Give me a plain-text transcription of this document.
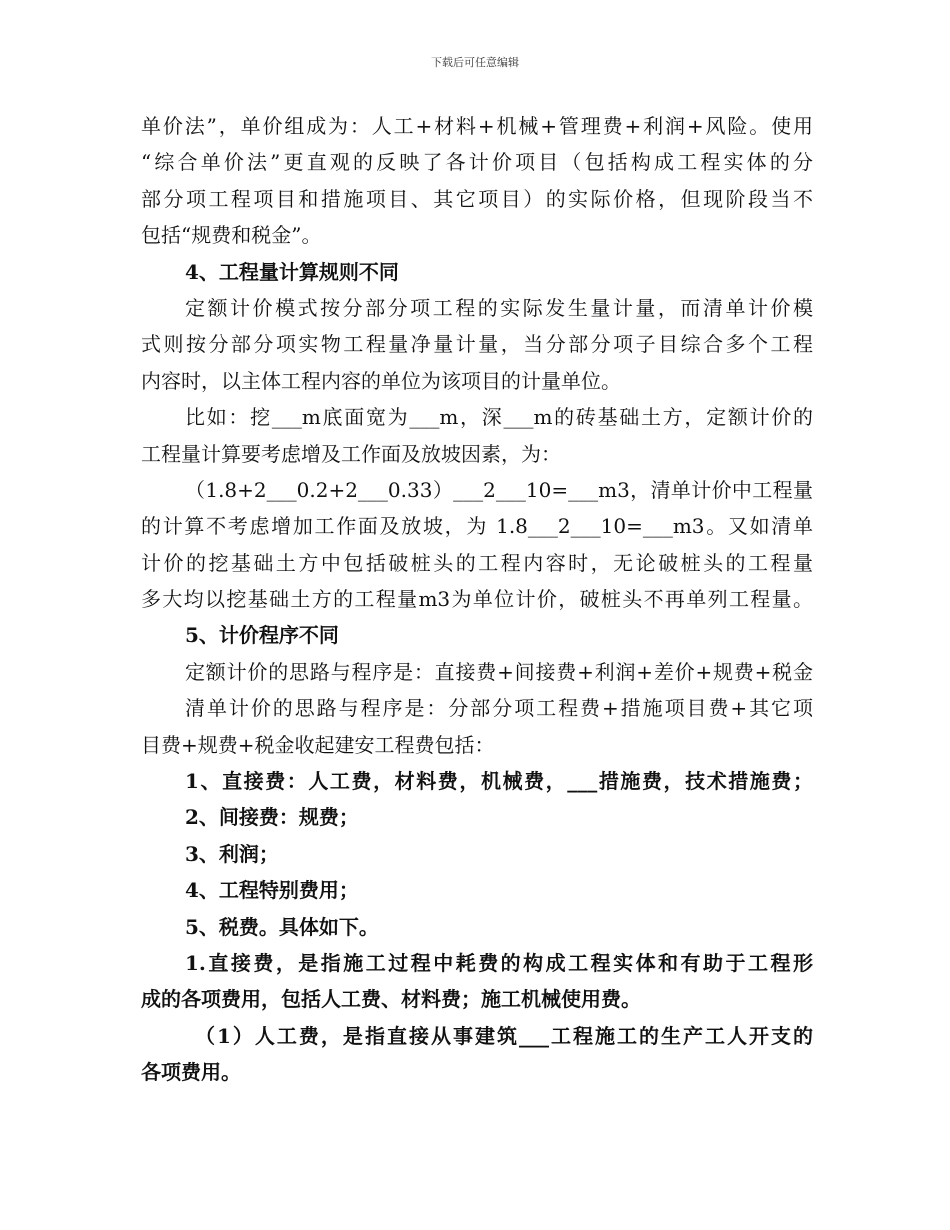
下载后可任意编辑
单价法”，单价组成为：人工+材料+机械+管理费+利润+风险。使用
“综合单价法”更直观的反映了各计价项目（包括构成工程实体的分
部分项工程项目和措施项目、其它项目）的实际价格，但现阶段当不
包括“规费和税金”。
4、工程量计算规则不同
定额计价模式按分部分项工程的实际发生量计量，而清单计价模
式则按分部分项实物工程量净量计量，当分部分项子目综合多个工程
内容时，以主体工程内容的单位为该项目的计量单位。
比如：挖___m底面宽为___m，深___m的砖基础土方，定额计价的
工程量计算要考虑增及工作面及放坡因素，为：
（1.8+2___0.2+2___0.33）___2___10=___m3，清单计价中工程量
的计算不考虑增加工作面及放坡，为 1.8___2___10=___m3。又如清单
计价的挖基础土方中包括破桩头的工程内容时，无论破桩头的工程量
多大均以挖基础土方的工程量m3为单位计价，破桩头不再单列工程量。
5、计价程序不同
定额计价的思路与程序是：直接费+间接费+利润+差价+规费+税金
清单计价的思路与程序是：分部分项工程费+措施项目费+其它项
目费+规费+税金收起建安工程费包括：
1、直接费：人工费，材料费，机械费，___措施费，技术措施费；
2、间接费：规费；
3、利润；
4、工程特别费用；
5、税费。具体如下。
1.直接费，是指施工过程中耗费的构成工程实体和有助于工程形
成的各项费用，包括人工费、材料费；施工机械使用费。
（1）人工费，是指直接从事建筑___工程施工的生产工人开支的
各项费用。
